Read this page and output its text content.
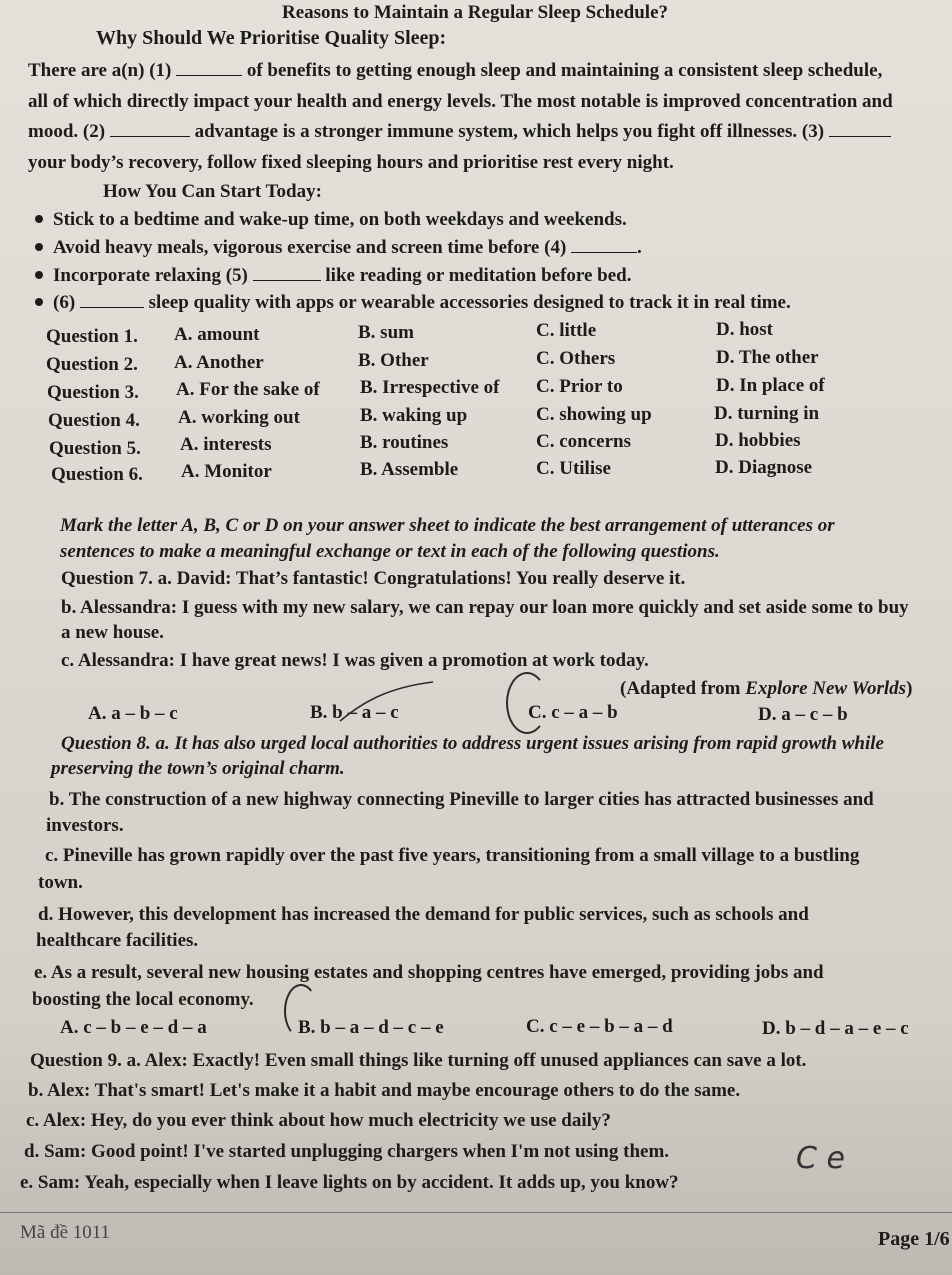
Reasons to Maintain a Regular Sleep Schedule?
Why Should We Prioritise Quality Sleep:
There are a(n) (1)	of benefits to getting enough sleep and maintaining a consistent sleep schedule,
all of which directly impact your health and energy levels. The most notable is improved concentration and
mood. (2)	advantage is a stronger immune system, which helps you fight off illnesses. (3)
your body’s recovery, follow fixed sleeping hours and prioritise rest every night.
How You Can Start Today:
Stick to a bedtime and wake-up time, on both weekdays and weekends.
Avoid heavy meals, vigorous exercise and screen time before (4)	.
Incorporate relaxing (5)	like reading or meditation before bed.
(6)	sleep quality with apps or wearable accessories designed to track it in real time.
Question 1. A. amount	B. sum	C. little	D. host
Question 2. A. Another	B. Other	C. Others	D. The other
Question 3. A. For the sake of B. Irrespective of C. Prior to	D. In place of
Question 4. A. working out	B. waking up	C. showing up	D. turning in
Question 5. A. interests	B. routines	C. concerns	D. hobbies
Question 6. A. Monitor	B. Assemble	C. Utilise	D. Diagnose
Mark the letter A, B, C or D on your answer sheet to indicate the best arrangement of utterances or
sentences to make a meaningful exchange or text in each of the following questions.
Question 7. a. David: That’s fantastic! Congratulations! You really deserve it.
b. Alessandra: I guess with my new salary, we can repay our loan more quickly and set aside some to buy
a new house.
c. Alessandra: I have great news! I was given a promotion at work today.
(Adapted from Explore New Worlds)
A. a – b – c	B. b – a – c	C. c – a – b	D. a – c – b
Question 8. a. It has also urged local authorities to address urgent issues arising from rapid growth while
preserving the town’s original charm.
b. The construction of a new highway connecting Pineville to larger cities has attracted businesses and
investors.
c. Pineville has grown rapidly over the past five years, transitioning from a small village to a bustling
town.
d. However, this development has increased the demand for public services, such as schools and
healthcare facilities.
e. As a result, several new housing estates and shopping centres have emerged, providing jobs and
boosting the local economy.
A. c – b – e – d – a	B. b – a – d – c – e	C. c – e – b – a – d	D. b – d – a – e – c
Question 9. a. Alex: Exactly! Even small things like turning off unused appliances can save a lot.
b. Alex: That's smart! Let's make it a habit and maybe encourage others to do the same.
c. Alex: Hey, do you ever think about how much electricity we use daily?
d. Sam: Good point! I've started unplugging chargers when I'm not using them.
e. Sam: Yeah, especially when I leave lights on by accident. It adds up, you know?
C e
Mã đề 1011	Page 1/6
